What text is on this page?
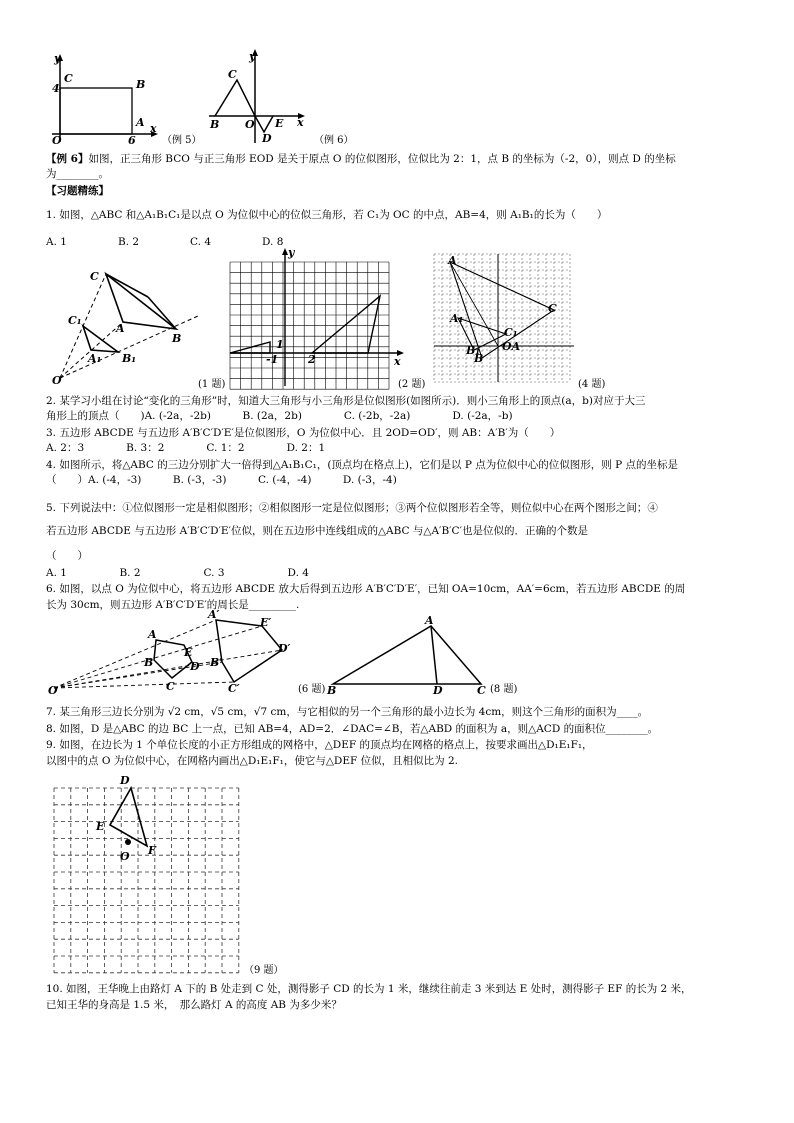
y
x
C	B
A
O
4
6	（例 5）
y
x
C
B O
D
E
（例 6）
【例 6】如图，正三角形 BCO 与正三角形 EOD 是关于原点 O 的位似图形，位似比为 2：1，点 B 的坐标为（-2，0），则点 D 的坐标
为________。
【习题精练】
1. 如图，△ABC 和△A₁B₁C₁是以点 O 为位似中心的位似三角形，若 C₁为 OC 的中点，AB=4，则 A₁B₁的长为（　　）
A. 1	B. 2	C. 4	D. 8
C
C₁
A
A₁
B
B₁
O	(1 题)
y
x
1
-1	2
(2 题)
A
C
B
A₁
B₁
C₁
OA
(4 题)
2. 某学习小组在讨论“变化的三角形”时，知道大三角形与小三角形是位似图形(如图所示)．则小三角形上的顶点(a，b)对应于大三
角形上的顶点（　　)A. (-2a，-2b)　　　B. (2a，2b)　　　　C. (-2b，-2a)　　　　D. (-2a，-b)
3. 五边形 ABCDE 与五边形 A′B′C′D′E′是位似图形，O 为位似中心．且 2OD=OD′，则 AB：A′B′为（　　）
A. 2：3　　　　B. 3：2　　　　C. 1：2　　　　D. 2：1
4. 如图所示，将△ABC 的三边分别扩大一倍得到△A₁B₁C₁，(顶点均在格点上)，它们是以 P 点为位似中心的位似图形，则 P 点的坐标是
（　　）A. (-4，-3)　　　B. (-3，-3)　　　C. (-4，-4)　　　D. (-3，-4)
5. 下列说法中：①位似图形一定是相似图形；②相似图形一定是位似图形；③两个位似图形若全等，则位似中心在两个图形之间；④
若五边形 ABCDE 与五边形 A′B′C′D′E′位似，则在五边形中连线组成的△ABC 与△A′B′C′也是位似的．正确的个数是
（　　）
A. 1　　　　　B. 2　　　　　　C. 3　　　　　　D. 4
6. 如图，以点 O 为位似中心，将五边形 ABCDE 放大后得到五边形 A′B′C′D′E′，已知 OA=10cm，AA′=6cm，若五边形 ABCDE 的周
长为 30cm，则五边形 A′B′C′D′E′的周长是_________.
O
A
A′
B	B′
C	C′
D
D′
E
E′
(6 题)
A
B	D	C (8 题)
7. 某三角形三边长分别为 √2 cm，√5 cm，√7 cm，与它相似的另一个三角形的最小边长为 4cm，则这个三角形的面积为____。
8. 如图，D 是△ABC 的边 BC 上一点，已知 AB=4，AD=2．∠DAC=∠B，若△ABD 的面积为 a，则△ACD 的面积位________。
9. 如图，在边长为 1 个单位长度的小正方形组成的网格中，△DEF 的顶点均在网格的格点上，按要求画出△D₁E₁F₁，
以图中的点 O 为位似中心，在网格内画出△D₁E₁F₁，使它与△DEF 位似，且相似比为 2.
D
E
O F
（9 题）
10. 如图，王华晚上由路灯 A 下的 B 处走到 C 处，测得影子 CD 的长为 1 米，继续往前走 3 米到达 E 处时，测得影子 EF 的长为 2 米，
已知王华的身高是 1.5 米，　那么路灯 A 的高度 AB 为多少米？
